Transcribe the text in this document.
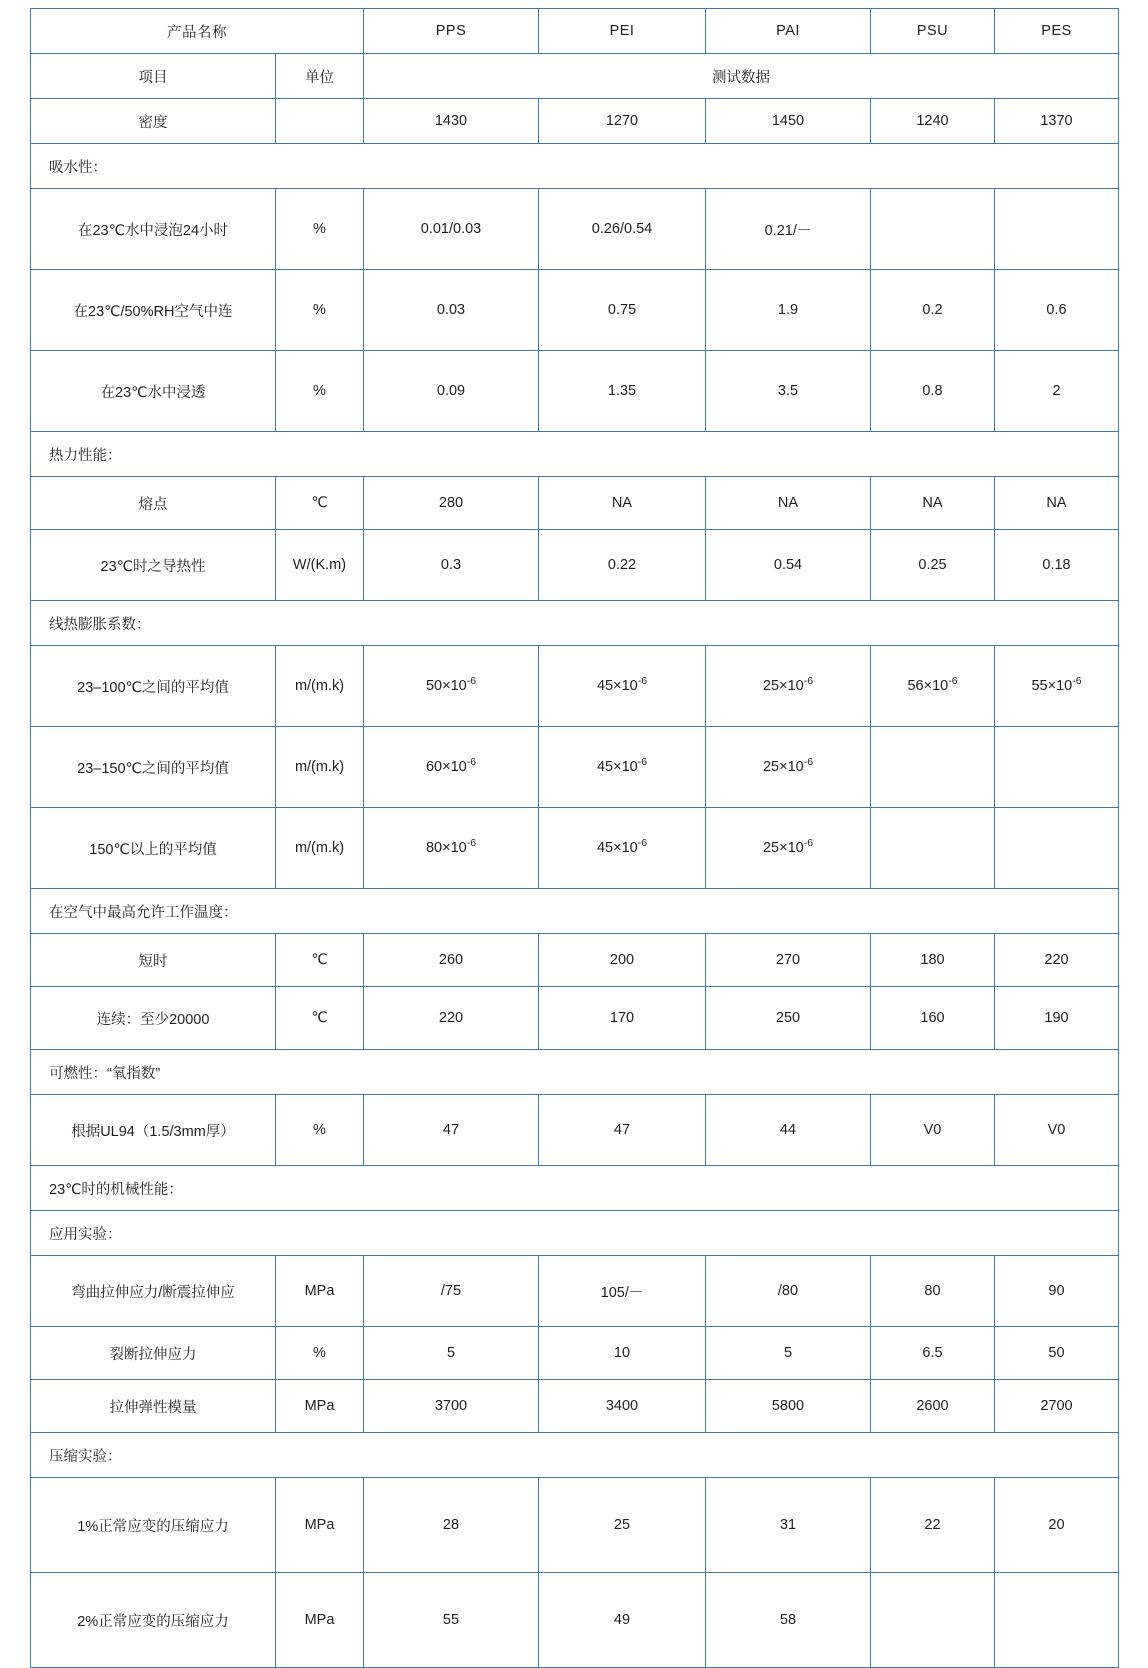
产品名称		PPS	PEI	PAI	PSU	PES
项目	单位	测试数据				
密度		1430	1270	1450	1240	1370
吸水性：						
在23℃水中浸泡24小时	%	0.01/0.03	0.26/0.54	0.21/－		
在23℃/50%RH空气中连	%	0.03	0.75	1.9	0.2	0.6
在23℃水中浸透	%	0.09	1.35	3.5	0.8	2
热力性能：						
熔点	℃	280	NA	NA	NA	NA
23℃时之导热性	W/(K.m)	0.3	0.22	0.54	0.25	0.18
线热膨胀系数：						
23–100℃之间的平均值	m/(m.k)	$50\times 10^{-6}$	$45\times 10^{-6}$	$25\times 10^{-6}$	$56\times 10^{-6}$	$55\times 10^{-6}$
23–150℃之间的平均值	m/(m.k)	$60\times 10^{-6}$	$45\times 10^{-6}$	$25\times 10^{-6}$		
150℃以上的平均值	m/(m.k)	$80\times 10^{-6}$	$45\times 10^{-6}$	$25\times 10^{-6}$		
在空气中最高允许工作温度：						
短时	℃	260	200	270	180	220
连续：至少20000	℃	220	170	250	160	190
可燃性：“氧指数”						
根据UL94（1.5/3mm厚）	%	47	47	44	V0	V0
23℃时的机械性能：						
应用实验：						
弯曲拉伸应力/断震拉伸应	MPa	/75	105/－	/80	80	90
裂断拉伸应力	%	5	10	5	6.5	50
拉伸弹性模量	MPa	3700	3400	5800	2600	2700
压缩实验：						
1%正常应变的压缩应力	MPa	28	25	31	22	20
2%正常应变的压缩应力	MPa	55	49	58		
